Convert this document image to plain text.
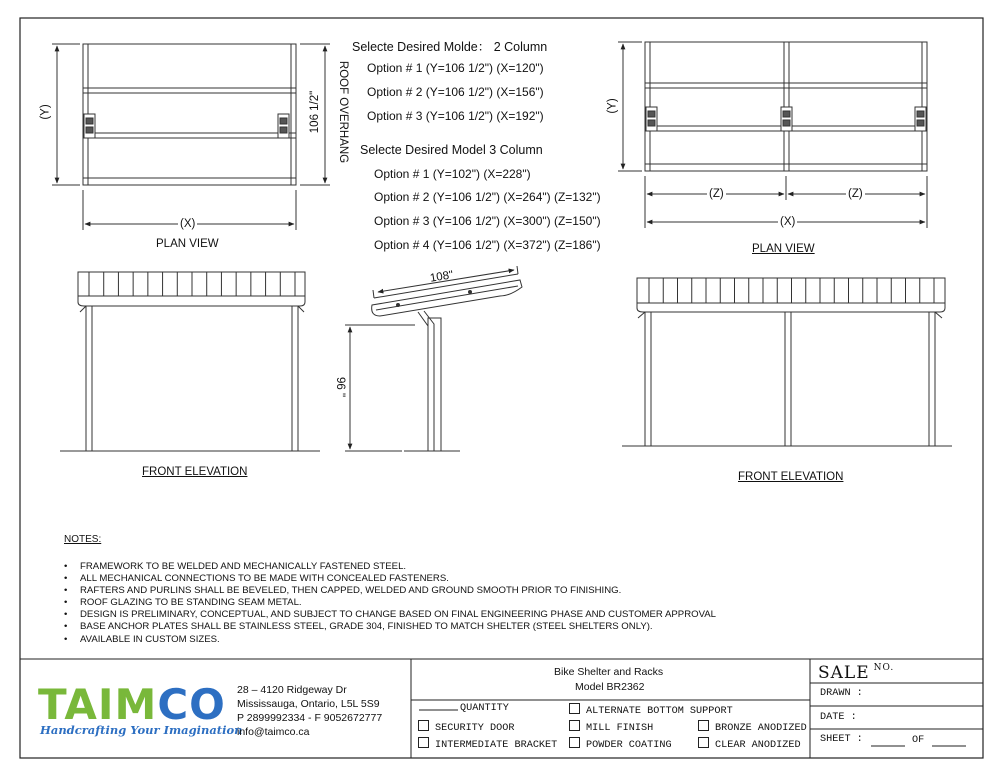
Selecte Desired Molde： 2 Column
Option # 1 (Y=106 1/2") (X=120")
Option # 2 (Y=106 1/2") (X=156")
Option # 3 (Y=106 1/2") (X=192")
Selecte Desired Model 3 Column
Option # 1 (Y=102") (X=228")
Option # 2 (Y=106 1/2") (X=264") (Z=132")
Option # 3 (Y=106 1/2") (X=300") (Z=150")
Option # 4 (Y=106 1/2") (X=372") (Z=186")
(Y)
(X)
106 1/2" ROOF OVERHANG	(Y)
(Z)	(Z)
(X)
108"
96 "
PLAN VIEW	PLAN VIEW
FRONT ELEVATION	FRONT ELEVATION
NOTES:
• FRAMEWORK TO BE WELDED AND MECHANICALLY FASTENED STEEL.
• ALL MECHANICAL CONNECTIONS TO BE MADE WITH CONCEALED FASTENERS.
• RAFTERS AND PURLINS SHALL BE BEVELED, THEN CAPPED, WELDED AND GROUND SMOOTH PRIOR TO FINISHING.
• ROOF GLAZING TO BE STANDING SEAM METAL.
• DESIGN IS PRELIMINARY, CONCEPTUAL, AND SUBJECT TO CHANGE BASED ON FINAL ENGINEERING PHASE AND CUSTOMER APPROVAL
• BASE ANCHOR PLATES SHALL BE STAINLESS STEEL, GRADE 304, FINISHED TO MATCH SHELTER (STEEL SHELTERS ONLY).
• AVAILABLE IN CUSTOM SIZES.
TAIMCO
Handcrafting Your Imagination
28 – 4120 Ridgeway Dr
Mississauga, Ontario, L5L 5S9
P 2899992334 - F 9052672777
info@taimco.ca
Bike Shelter and Racks
Model BR2362
QUANTITY	ALTERNATE BOTTOM SUPPORT
SECURITY DOOR	MILL FINISH	BRONZE ANODIZED
INTERMEDIATE BRACKET	POWDER COATING	CLEAR ANODIZED
SALE $^{NO.}$
DRAWN :
DATE :
SHEET :	OF
